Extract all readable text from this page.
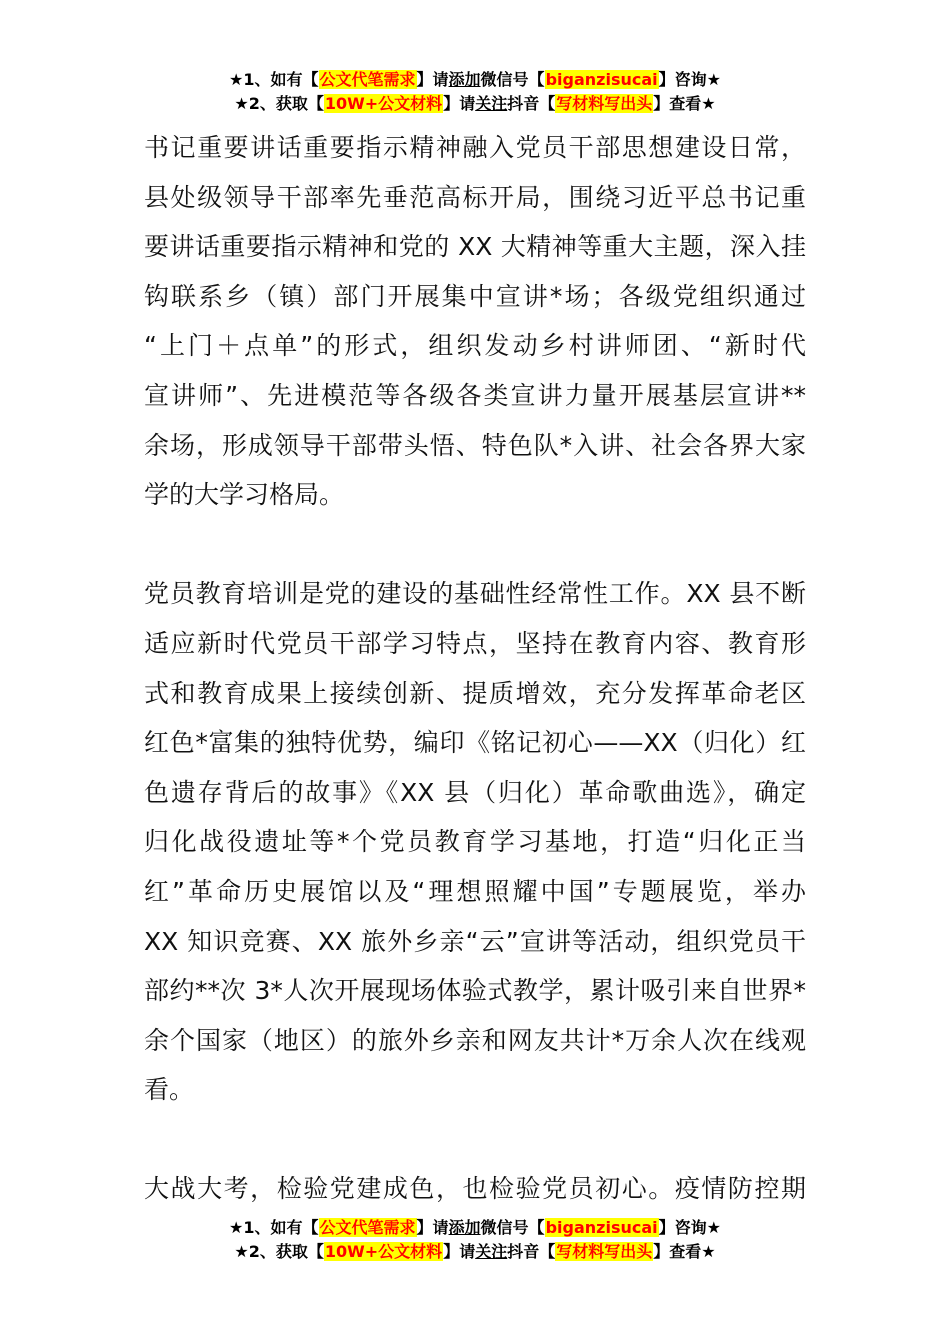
★1、如有【公文代笔需求】请添加微信号【biganzisucai】咨询★
★2、获取【10W+公文材料】请关注抖音【写材料写出头】查看★
书记重要讲话重要指示精神融入党员干部思想建设日常，
县处级领导干部率先垂范高标开局，围绕习近平总书记重
要讲话重要指示精神和党的 XX 大精神等重大主题，深入挂
钩联系乡（镇）部门开展集中宣讲*场；各级党组织通过
“上门＋点单”的形式，组织发动乡村讲师团、“新时代
宣讲师”、先进模范等各级各类宣讲力量开展基层宣讲**
余场，形成领导干部带头悟、特色队*入讲、社会各界大家
学的大学习格局。
党员教育培训是党的建设的基础性经常性工作。XX 县不断
适应新时代党员干部学习特点，坚持在教育内容、教育形
式和教育成果上接续创新、提质增效，充分发挥革命老区
红色*富集的独特优势，编印《铭记初心——XX（归化）红
色遗存背后的故事》《XX 县（归化）革命歌曲选》，确定
归化战役遗址等*个党员教育学习基地，打造“归化正当
红”革命历史展馆以及“理想照耀中国”专题展览，举办
XX 知识竞赛、XX 旅外乡亲“云”宣讲等活动，组织党员干
部约**次 3*人次开展现场体验式教学，累计吸引来自世界*
余个国家（地区）的旅外乡亲和网友共计*万余人次在线观
看。
大战大考，检验党建成色，也检验党员初心。疫情防控期
★1、如有【公文代笔需求】请添加微信号【biganzisucai】咨询★
★2、获取【10W+公文材料】请关注抖音【写材料写出头】查看★
